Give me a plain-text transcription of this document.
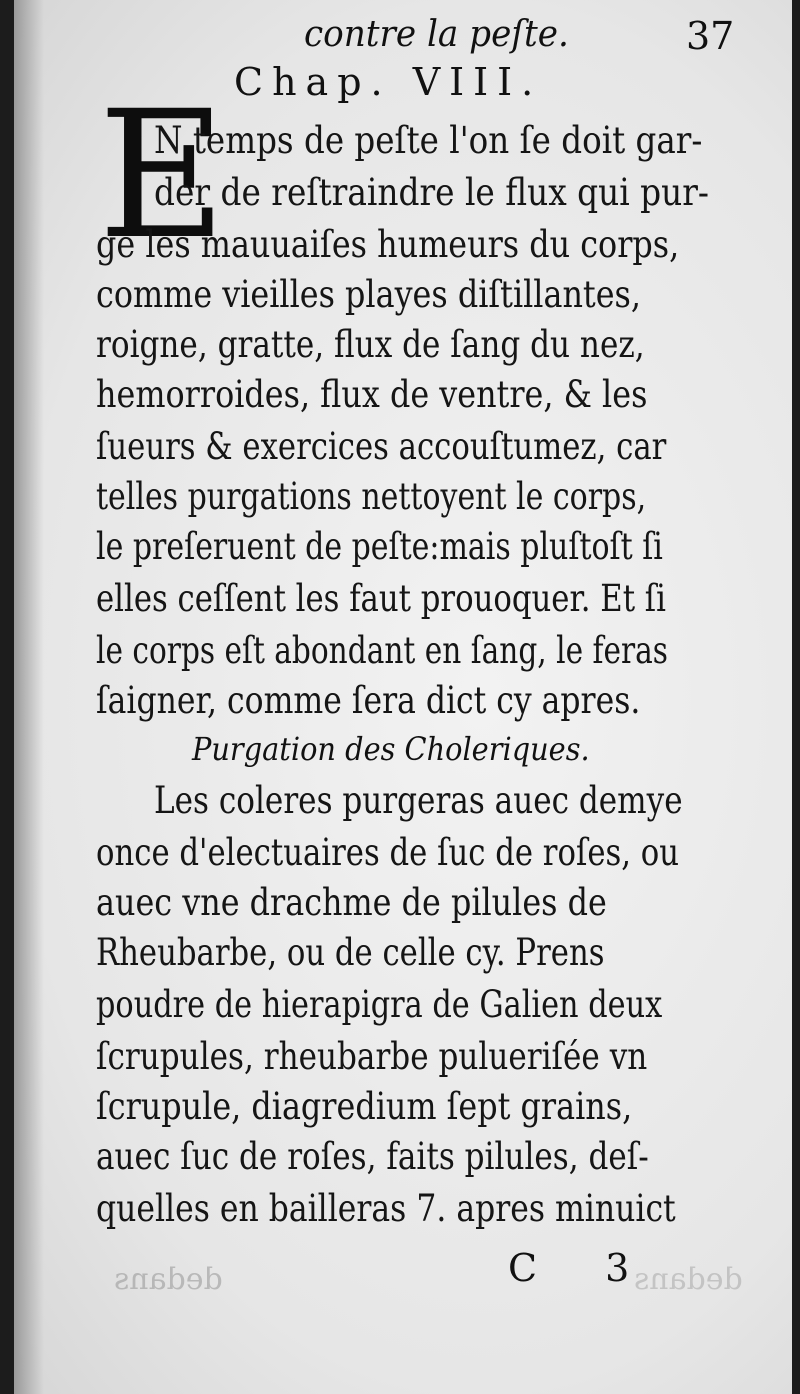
contre la peſte.	37
Chap. VIII.
E
N temps de peſte l'on ſe doit gar-
der de reſtraindre le flux qui pur-
ge les mauuaiſes humeurs du corps,
comme vieilles playes diſtillantes,
roigne, gratte, flux de ſang du nez,
hemorroides, flux de ventre, & les
ſueurs & exercices accouſtumez, car
telles purgations nettoyent le corps,
le preſeruent de peſte:mais pluſtoſt ſi
elles ceſſent les faut prouoquer. Et ſi
le corps eſt abondant en ſang, le feras
ſaigner, comme ſera dict cy apres.
Purgation des Choleriques.
Les coleres purgeras auec demye
once d'electuaires de ſuc de roſes, ou
auec vne drachme de pilules de
Rheubarbe, ou de celle cy. Prens
poudre de hierapigra de Galien deux
ſcrupules, rheubarbe pulueriſée vn
ſcrupule, diagredium ſept grains,
auec ſuc de roſes, faits pilules, deſ-
quelles en bailleras 7. apres minuict
dedans	dedans
C 3
